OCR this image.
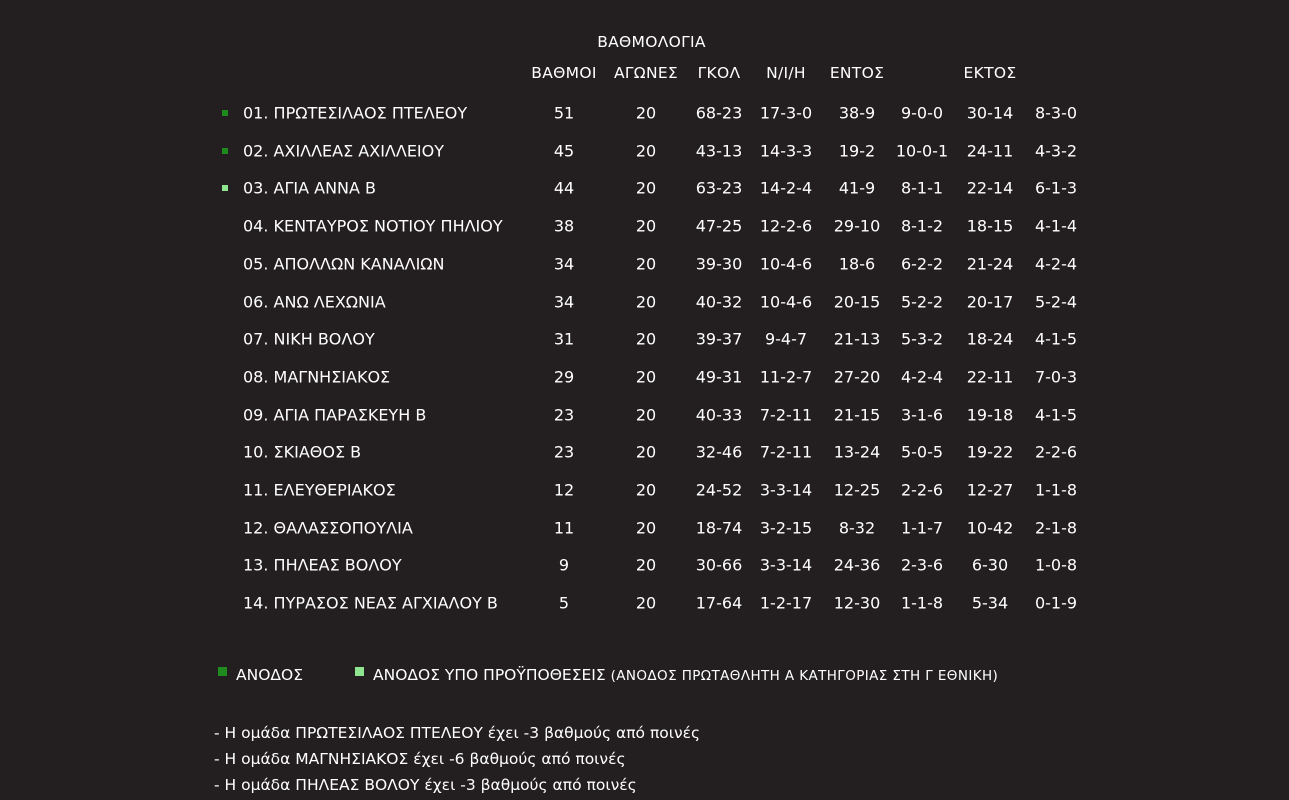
ΒΑΘΜΟΛΟΓΙΑ
ΒΑΘΜΟΙ ΑΓΩΝΕΣ ΓΚΟΛ Ν/Ι/Η ΕΝΤΟΣ	ΕΚΤΟΣ
01. ΠΡΩΤΕΣΙΛΑΟΣ ΠΤΕΛΕΟΥ	51	20 68-23 17-3-0 38-9 9-0-0 30-14 8-3-0
02. ΑΧΙΛΛΕΑΣ ΑΧΙΛΛΕΙΟΥ	45	20 43-13 14-3-3 19-2 10-0-1 24-11 4-3-2
03. ΑΓΙΑ ΑΝΝΑ Β	44	20 63-23 14-2-4 41-9 8-1-1 22-14 6-1-3
04. ΚΕΝΤΑΥΡΟΣ ΝΟΤΙΟΥ ΠΗΛΙΟΥ	38	20 47-25 12-2-6 29-10 8-1-2 18-15 4-1-4
05. ΑΠΟΛΛΩΝ ΚΑΝΑΛΙΩΝ	34	20 39-30 10-4-6 18-6 6-2-2 21-24 4-2-4
06. ΑΝΩ ΛΕΧΩΝΙΑ	34	20 40-32 10-4-6 20-15 5-2-2 20-17 5-2-4
07. ΝΙΚΗ ΒΟΛΟΥ	31	20 39-37 9-4-7 21-13 5-3-2 18-24 4-1-5
08. ΜΑΓΝΗΣΙΑΚΟΣ	29	20 49-31 11-2-7 27-20 4-2-4 22-11 7-0-3
09. ΑΓΙΑ ΠΑΡΑΣΚΕΥΗ Β	23	20 40-33 7-2-11 21-15 3-1-6 19-18 4-1-5
10. ΣΚΙΑΘΟΣ Β	23	20 32-46 7-2-11 13-24 5-0-5 19-22 2-2-6
11. ΕΛΕΥΘΕΡΙΑΚΟΣ	12	20 24-52 3-3-14 12-25 2-2-6 12-27 1-1-8
12. ΘΑΛΑΣΣΟΠΟΥΛΙΑ	11	20 18-74 3-2-15 8-32 1-1-7 10-42 2-1-8
13. ΠΗΛΕΑΣ ΒΟΛΟΥ	9	20 30-66 3-3-14 24-36 2-3-6 6-30 1-0-8
14. ΠΥΡΑΣΟΣ ΝΕΑΣ ΑΓΧΙΑΛΟΥ Β	5	20 17-64 1-2-17 12-30 1-1-8 5-34 0-1-9
ΑΝΟΔΟΣ	ΑΝΟΔΟΣ ΥΠΟ ΠΡΟΫΠΟΘΕΣΕΙΣ (ΑΝΟΔΟΣ ΠΡΩΤΑΘΛΗΤΗ Α ΚΑΤΗΓΟΡΙΑΣ ΣΤΗ Γ ΕΘΝΙΚΗ)
- Η ομάδα ΠΡΩΤΕΣΙΛΑΟΣ ΠΤΕΛΕΟΥ έχει -3 βαθμούς από ποινές
- Η ομάδα ΜΑΓΝΗΣΙΑΚΟΣ έχει -6 βαθμούς από ποινές
- Η ομάδα ΠΗΛΕΑΣ ΒΟΛΟΥ έχει -3 βαθμούς από ποινές
